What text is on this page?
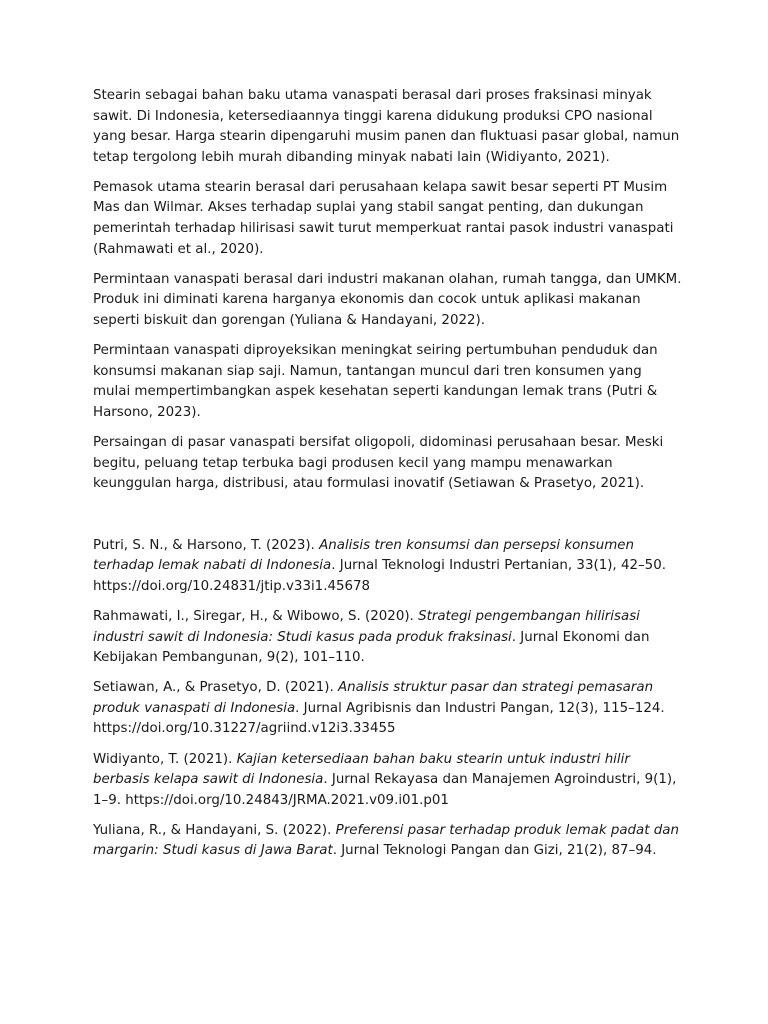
Stearin sebagai bahan baku utama vanaspati berasal dari proses fraksinasi minyak sawit. Di Indonesia, ketersediaannya tinggi karena didukung produksi CPO nasional yang besar. Harga stearin dipengaruhi musim panen dan fluktuasi pasar global, namun tetap tergolong lebih murah dibanding minyak nabati lain (Widiyanto, 2021).

Pemasok utama stearin berasal dari perusahaan kelapa sawit besar seperti PT Musim Mas dan Wilmar. Akses terhadap suplai yang stabil sangat penting, dan dukungan pemerintah terhadap hilirisasi sawit turut memperkuat rantai pasok industri vanaspati (Rahmawati et al., 2020).

Permintaan vanaspati berasal dari industri makanan olahan, rumah tangga, dan UMKM. Produk ini diminati karena harganya ekonomis dan cocok untuk aplikasi makanan seperti biskuit dan gorengan (Yuliana & Handayani, 2022).

Permintaan vanaspati diproyeksikan meningkat seiring pertumbuhan penduduk dan konsumsi makanan siap saji. Namun, tantangan muncul dari tren konsumen yang mulai mempertimbangkan aspek kesehatan seperti kandungan lemak trans (Putri & Harsono, 2023).

Persaingan di pasar vanaspati bersifat oligopoli, didominasi perusahaan besar. Meski begitu, peluang tetap terbuka bagi produsen kecil yang mampu menawarkan keunggulan harga, distribusi, atau formulasi inovatif (Setiawan & Prasetyo, 2021).

Putri, S. N., & Harsono, T. (2023). Analisis tren konsumsi dan persepsi konsumen terhadap lemak nabati di Indonesia. Jurnal Teknologi Industri Pertanian, 33(1), 42–50. https://doi.org/10.24831/jtip.v33i1.45678

Rahmawati, I., Siregar, H., & Wibowo, S. (2020). Strategi pengembangan hilirisasi industri sawit di Indonesia: Studi kasus pada produk fraksinasi. Jurnal Ekonomi dan Kebijakan Pembangunan, 9(2), 101–110.

Setiawan, A., & Prasetyo, D. (2021). Analisis struktur pasar dan strategi pemasaran produk vanaspati di Indonesia. Jurnal Agribisnis dan Industri Pangan, 12(3), 115–124. https://doi.org/10.31227/agriind.v12i3.33455

Widiyanto, T. (2021). Kajian ketersediaan bahan baku stearin untuk industri hilir berbasis kelapa sawit di Indonesia. Jurnal Rekayasa dan Manajemen Agroindustri, 9(1), 1–9. https://doi.org/10.24843/JRMA.2021.v09.i01.p01

Yuliana, R., & Handayani, S. (2022). Preferensi pasar terhadap produk lemak padat dan margarin: Studi kasus di Jawa Barat. Jurnal Teknologi Pangan dan Gizi, 21(2), 87–94.
